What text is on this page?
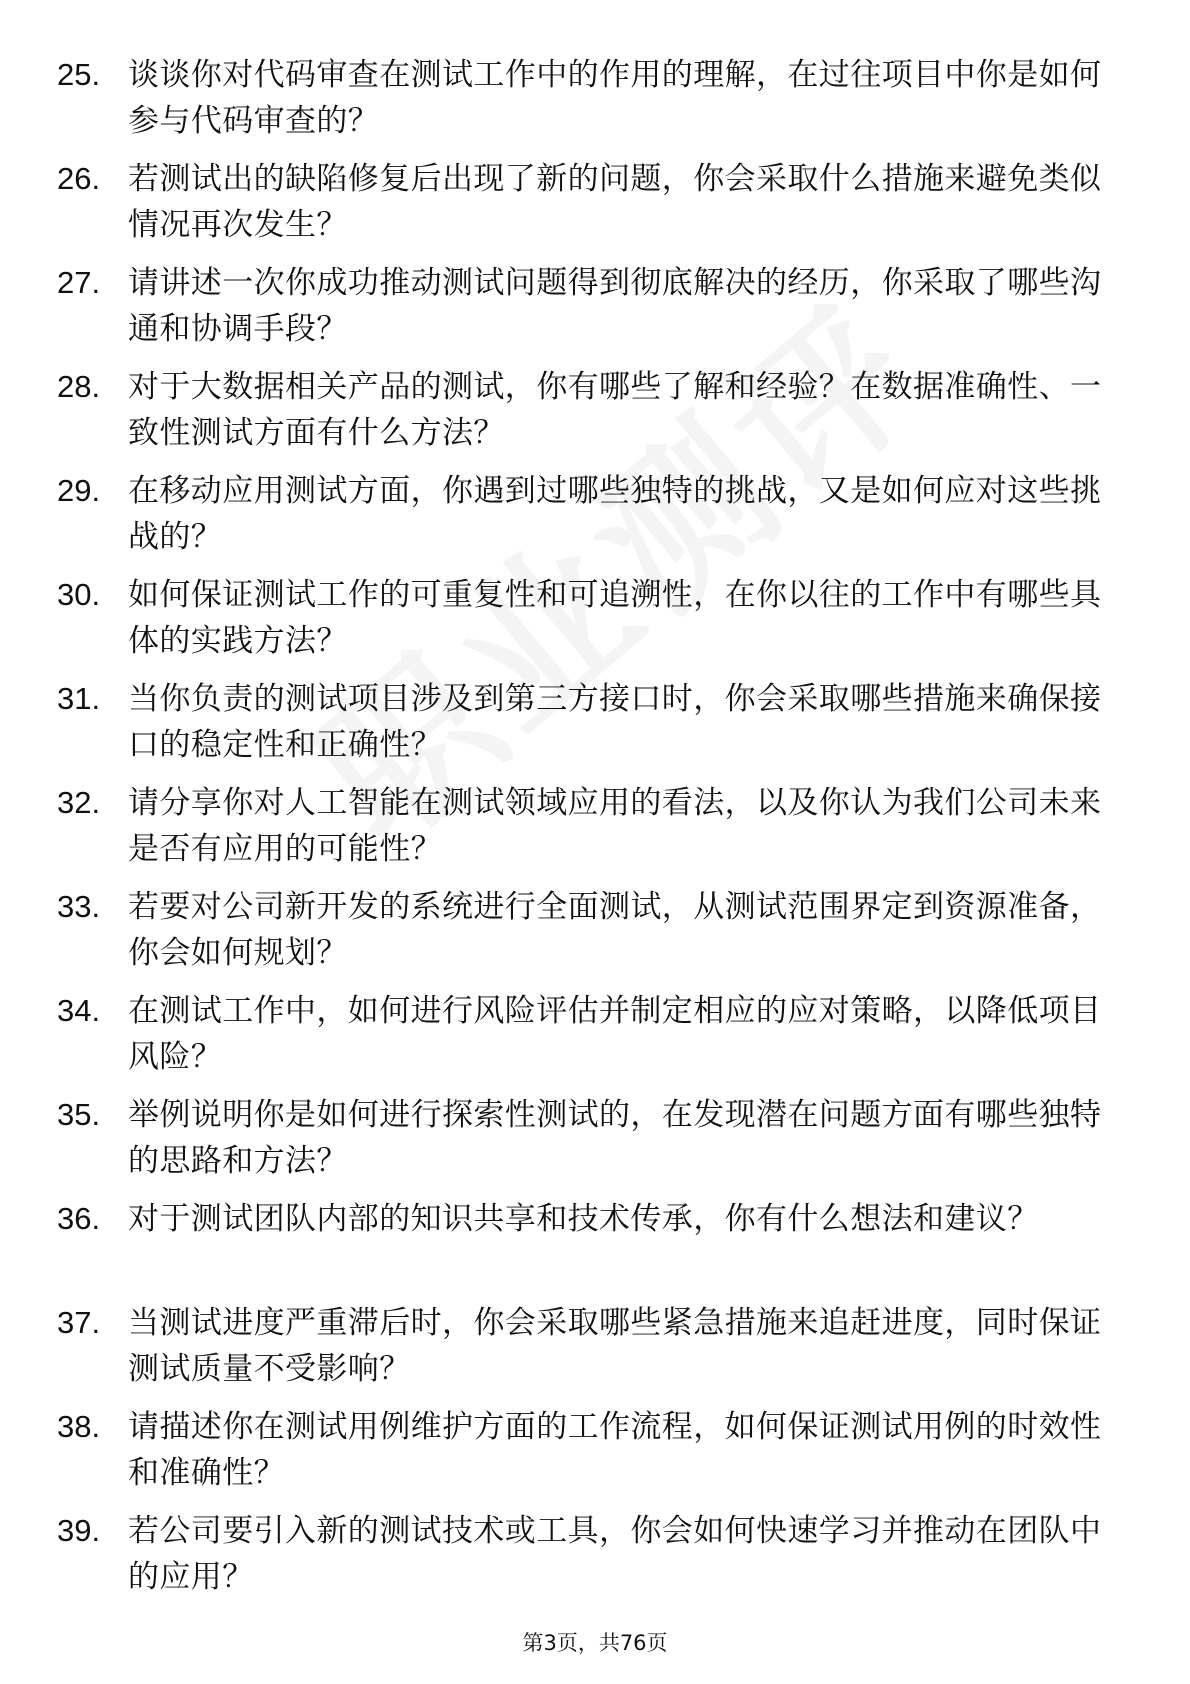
25. 谈谈你对代码审查在测试工作中的作用的理解，在过往项目中你是如何参与代码审查的？
26. 若测试出的缺陷修复后出现了新的问题，你会采取什么措施来避免类似情况再次发生？
27. 请讲述一次你成功推动测试问题得到彻底解决的经历，你采取了哪些沟通和协调手段？
28. 对于大数据相关产品的测试，你有哪些了解和经验？在数据准确性、一致性测试方面有什么方法？
29. 在移动应用测试方面，你遇到过哪些独特的挑战，又是如何应对这些挑战的？
30. 如何保证测试工作的可重复性和可追溯性，在你以往的工作中有哪些具体的实践方法？
31. 当你负责的测试项目涉及到第三方接口时，你会采取哪些措施来确保接口的稳定性和正确性？
32. 请分享你对人工智能在测试领域应用的看法，以及你认为我们公司未来是否有应用的可能性？
33. 若要对公司新开发的系统进行全面测试，从测试范围界定到资源准备，你会如何规划？
34. 在测试工作中，如何进行风险评估并制定相应的应对策略，以降低项目风险？
35. 举例说明你是如何进行探索性测试的，在发现潜在问题方面有哪些独特的思路和方法？
36. 对于测试团队内部的知识共享和技术传承，你有什么想法和建议？
37. 当测试进度严重滞后时，你会采取哪些紧急措施来追赶进度，同时保证测试质量不受影响？
38. 请描述你在测试用例维护方面的工作流程，如何保证测试用例的时效性和准确性？
39. 若公司要引入新的测试技术或工具，你会如何快速学习并推动在团队中的应用？
第3页，共76页
